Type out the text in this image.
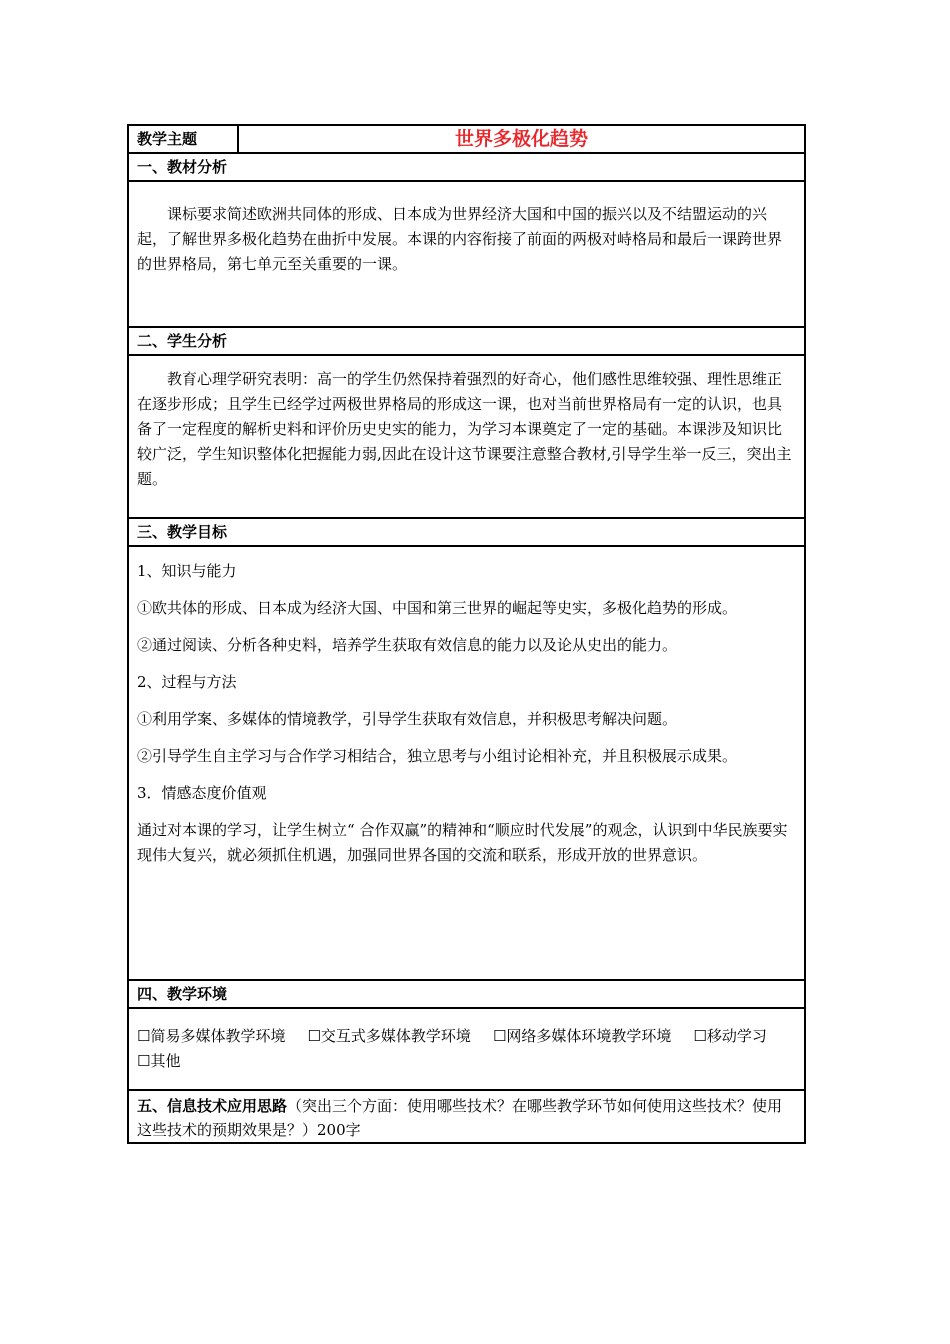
教学主题	世界多极化趋势
一、教材分析

课标要求简述欧洲共同体的形成、日本成为世界经济大国和中国的振兴以及不结盟运动的兴起，了解世界多极化趋势在曲折中发展。本课的内容衔接了前面的两极对峙格局和最后一课跨世界的世界格局，第七单元至关重要的一课。

二、学生分析

教育心理学研究表明：高一的学生仍然保持着强烈的好奇心，他们感性思维较强、理性思维正在逐步形成；且学生已经学过两极世界格局的形成这一课，也对当前世界格局有一定的认识，也具备了一定程度的解析史料和评价历史史实的能力，为学习本课奠定了一定的基础。本课涉及知识比较广泛，学生知识整体化把握能力弱,因此在设计这节课要注意整合教材,引导学生举一反三，突出主题。

三、教学目标

1、知识与能力

①欧共体的形成、日本成为经济大国、中国和第三世界的崛起等史实，多极化趋势的形成。

②通过阅读、分析各种史料，培养学生获取有效信息的能力以及论从史出的能力。

2、过程与方法

①利用学案、多媒体的情境教学，引导学生获取有效信息，并积极思考解决问题。

②引导学生自主学习与合作学习相结合，独立思考与小组讨论相补充，并且积极展示成果。

3．情感态度价值观

通过对本课的学习，让学生树立“ 合作双赢”的精神和“顺应时代发展”的观念，认识到中华民族要实现伟大复兴，就必须抓住机遇，加强同世界各国的交流和联系，形成开放的世界意识。

四、教学环境

☐简易多媒体教学环境 ☐交互式多媒体教学环境 ☐网络多媒体环境教学环境 ☐移动学习☐其他

五、信息技术应用思路（突出三个方面：使用哪些技术？在哪些教学环节如何使用这些技术？使用这些技术的预期效果是？）200字
